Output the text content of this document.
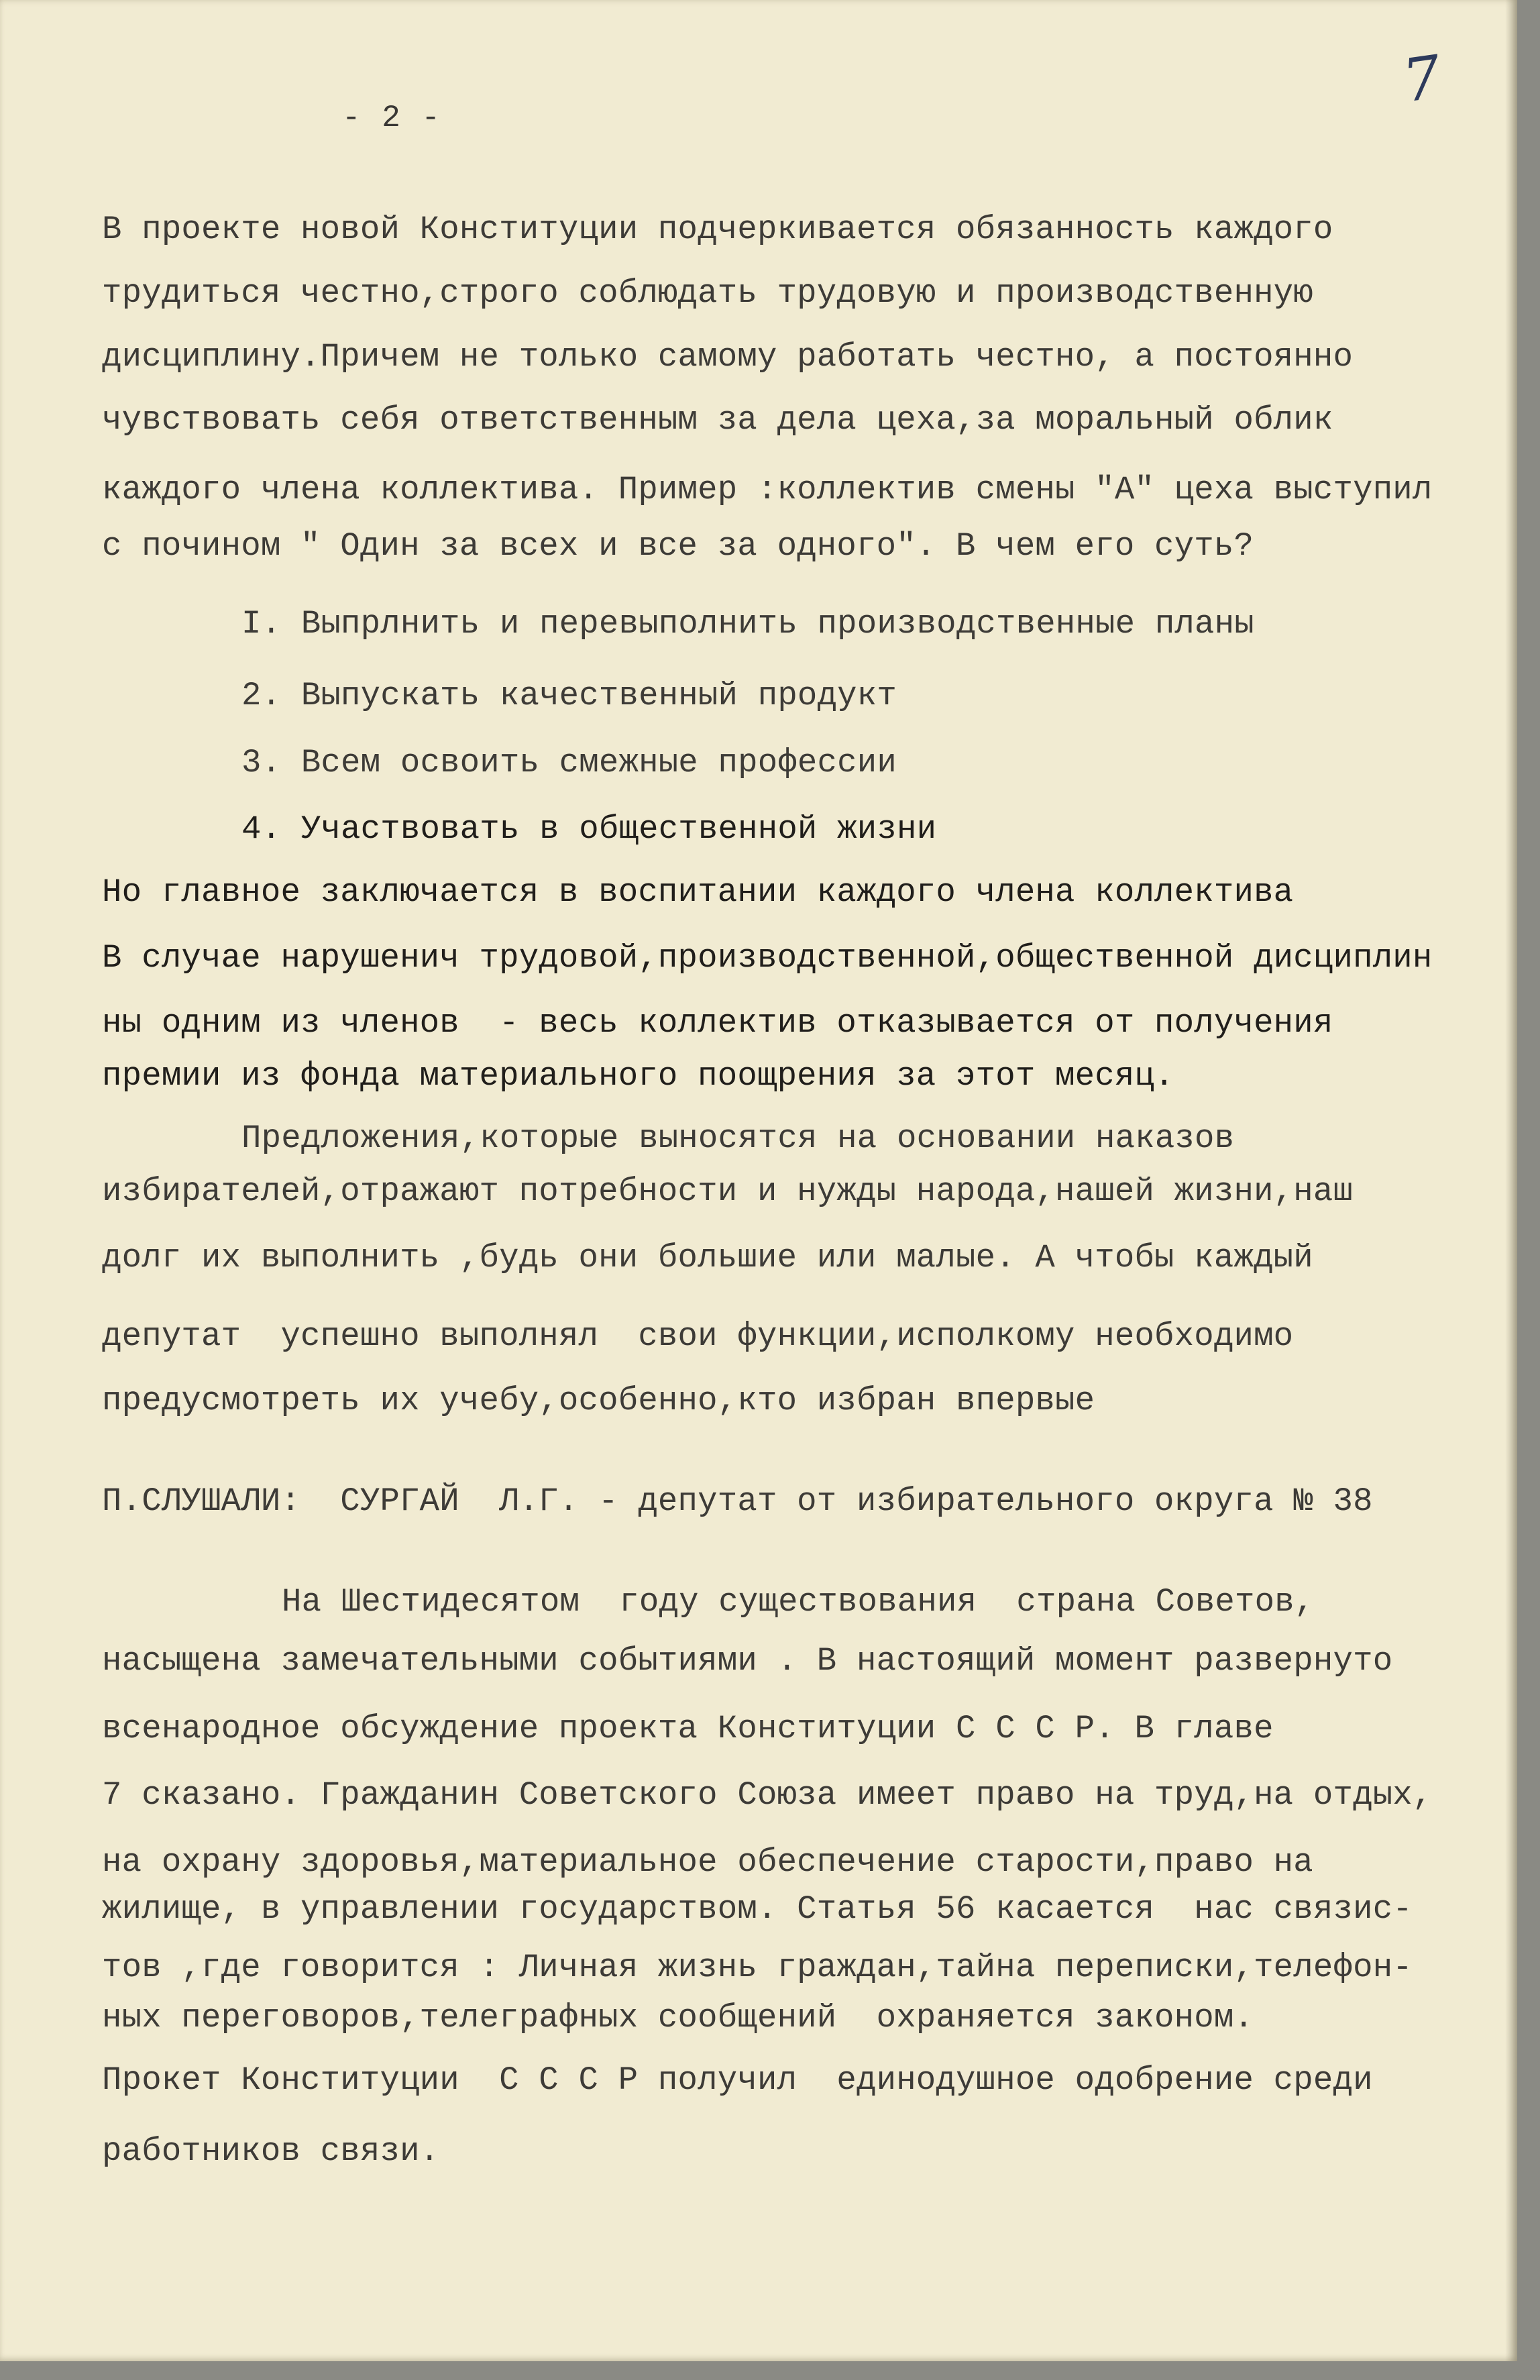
- 2 -
7
В проекте новой Конституции подчеркивается обязанность каждого
трудиться честно,строго соблюдать трудовую и производственную
дисциплину.Причем не только самому работать честно, а постоянно
чувствовать себя ответственным за дела цеха,за моральный облик
каждого члена коллектива. Пример :коллектив смены "А" цеха выступил
с почином " Один за всех и все за одного". В чем его суть?
I. Выпрлнить и перевыполнить производственные планы
2. Выпускать качественный продукт
3. Всем освоить смежные профессии
4. Участвовать в общественной жизни
Но главное заключается в воспитании каждого члена коллектива
В случае нарушенич трудовой,производственной,общественной дисциплин
ны одним из членов  - весь коллектив отказывается от получения
премии из фонда материального поощрения за этот месяц.
Предложения,которые выносятся на основании наказов
избирателей,отражают потребности и нужды народа,нашей жизни,наш
долг их выполнить ,будь они большие или малые. А чтобы каждый
депутат  успешно выполнял  свои функции,исполкому необходимо
предусмотреть их учебу,особенно,кто избран впервые
П.СЛУШАЛИ:  СУРГАЙ  Л.Г. - депутат от избирательного округа № 38
На Шестидесятом  году существования  страна Советов,
насыщена замечательными событиями . В настоящий момент развернуто
всенародное обсуждение проекта Конституции С С С Р. В главе
7 сказано. Гражданин Советского Союза имеет право на труд,на отдых,
на охрану здоровья,материальное обеспечение старости,право на
жилище, в управлении государством. Статья 56 касается  нас связис-
тов ,где говорится : Личная жизнь граждан,тайна переписки,телефон-
ных переговоров,телеграфных сообщений  охраняется законом.
Прокет Конституции  С С С Р получил  единодушное одобрение среди
работников связи.
